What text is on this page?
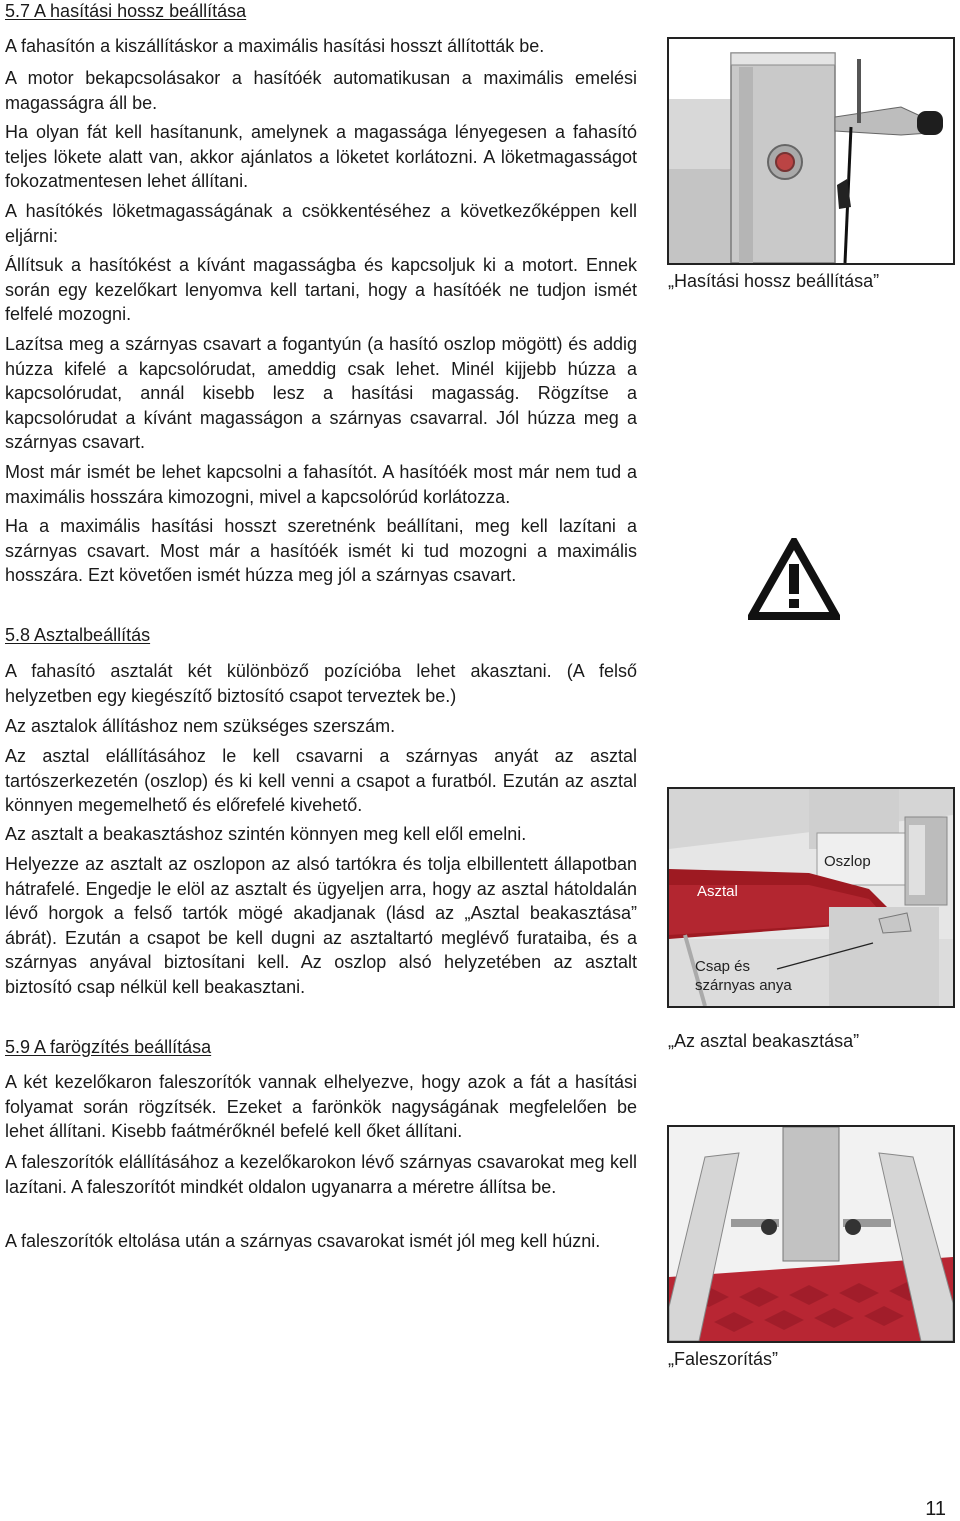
5.7 A hasítási hossz beállítása

A fahasítón a kiszállításkor a maximális hasítási hosszt állították be.

A motor bekapcsolásakor a hasítóék automatikusan a maximális emelési magasságra áll be.

Ha olyan fát kell hasítanunk, amelynek a magassága lényegesen a fahasító teljes lökete alatt van, akkor ajánlatos a löketet korlátozni. A löketmagasságot fokozatmentesen lehet állítani.

A hasítókés löketmagasságának a csökkentéséhez a következőképpen kell eljárni:

Állítsuk a hasítókést a kívánt magasságba és kapcsoljuk ki a motort. Ennek során egy kezelőkart lenyomva kell tartani, hogy a hasítóék ne tudjon ismét felfelé mozogni.

Lazítsa meg a szárnyas csavart a fogantyún (a hasító oszlop mögött) és addig húzza kifelé a kapcsolórudat, ameddig csak lehet. Minél kijjebb húzza a kapcsolórudat, annál kisebb lesz a hasítási magasság. Rögzítse a kapcsolórudat a kívánt magasságon a szárnyas csavarral. Jól húzza meg a szárnyas csavart.

Most már ismét be lehet kapcsolni a fahasítót. A hasítóék most már nem tud a maximális hosszára kimozogni, mivel a kapcsolórúd korlátozza.

Ha a maximális hasítási hosszt szeretnénk beállítani, meg kell lazítani a szárnyas csavart. Most már a hasítóék ismét ki tud mozogni a maximális hosszára. Ezt követően ismét húzza meg jól a szárnyas csavart.

5.8 Asztalbeállítás

A fahasító asztalát két különböző pozícióba lehet akasztani. (A felső helyzetben egy kiegészítő biztosító csapot terveztek be.)

Az asztalok állításhoz nem szükséges szerszám.

Az asztal elállításához le kell csavarni a szárnyas anyát az asztal tartószerkezetén (oszlop) és ki kell venni a csapot a furatból. Ezután az asztal könnyen megemelhető és előrefelé kivehető.

Az asztalt a beakasztáshoz szintén könnyen meg kell elől emelni.

Helyezze az asztalt az oszlopon az alsó tartókra és tolja elbillentett állapotban hátrafelé. Engedje le elöl az asztalt és ügyeljen arra, hogy az asztal hátoldalán lévő horgok a felső tartók mögé akadjanak (lásd az „Asztal beakasztása” ábrát). Ezután a csapot be kell dugni az asztaltartó meglévő furataiba, és a szárnyas anyával biztosítani kell. Az oszlop alsó helyzetében az asztalt biztosító csap nélkül kell beakasztani.

5.9 A farögzítés beállítása

A két kezelőkaron faleszorítók vannak elhelyezve, hogy azok a fát a hasítási folyamat során rögzítsék. Ezeket a farönkök nagyságának megfelelően be lehet állítani. Kisebb faátmérőknél befelé kell őket állítani.

A faleszorítók elállításához a kezelőkarokon lévő szárnyas csavarokat meg kell lazítani. A faleszorítót mindkét oldalon ugyanarra a méretre állítsa be.

A faleszorítók eltolása után a szárnyas csavarokat ismét jól meg kell húzni.

„Hasítási hossz beállítása”
Oszlop
Asztal
Csap és
szárnyas anya
„Az asztal beakasztása”
„Faleszorítás”
11
